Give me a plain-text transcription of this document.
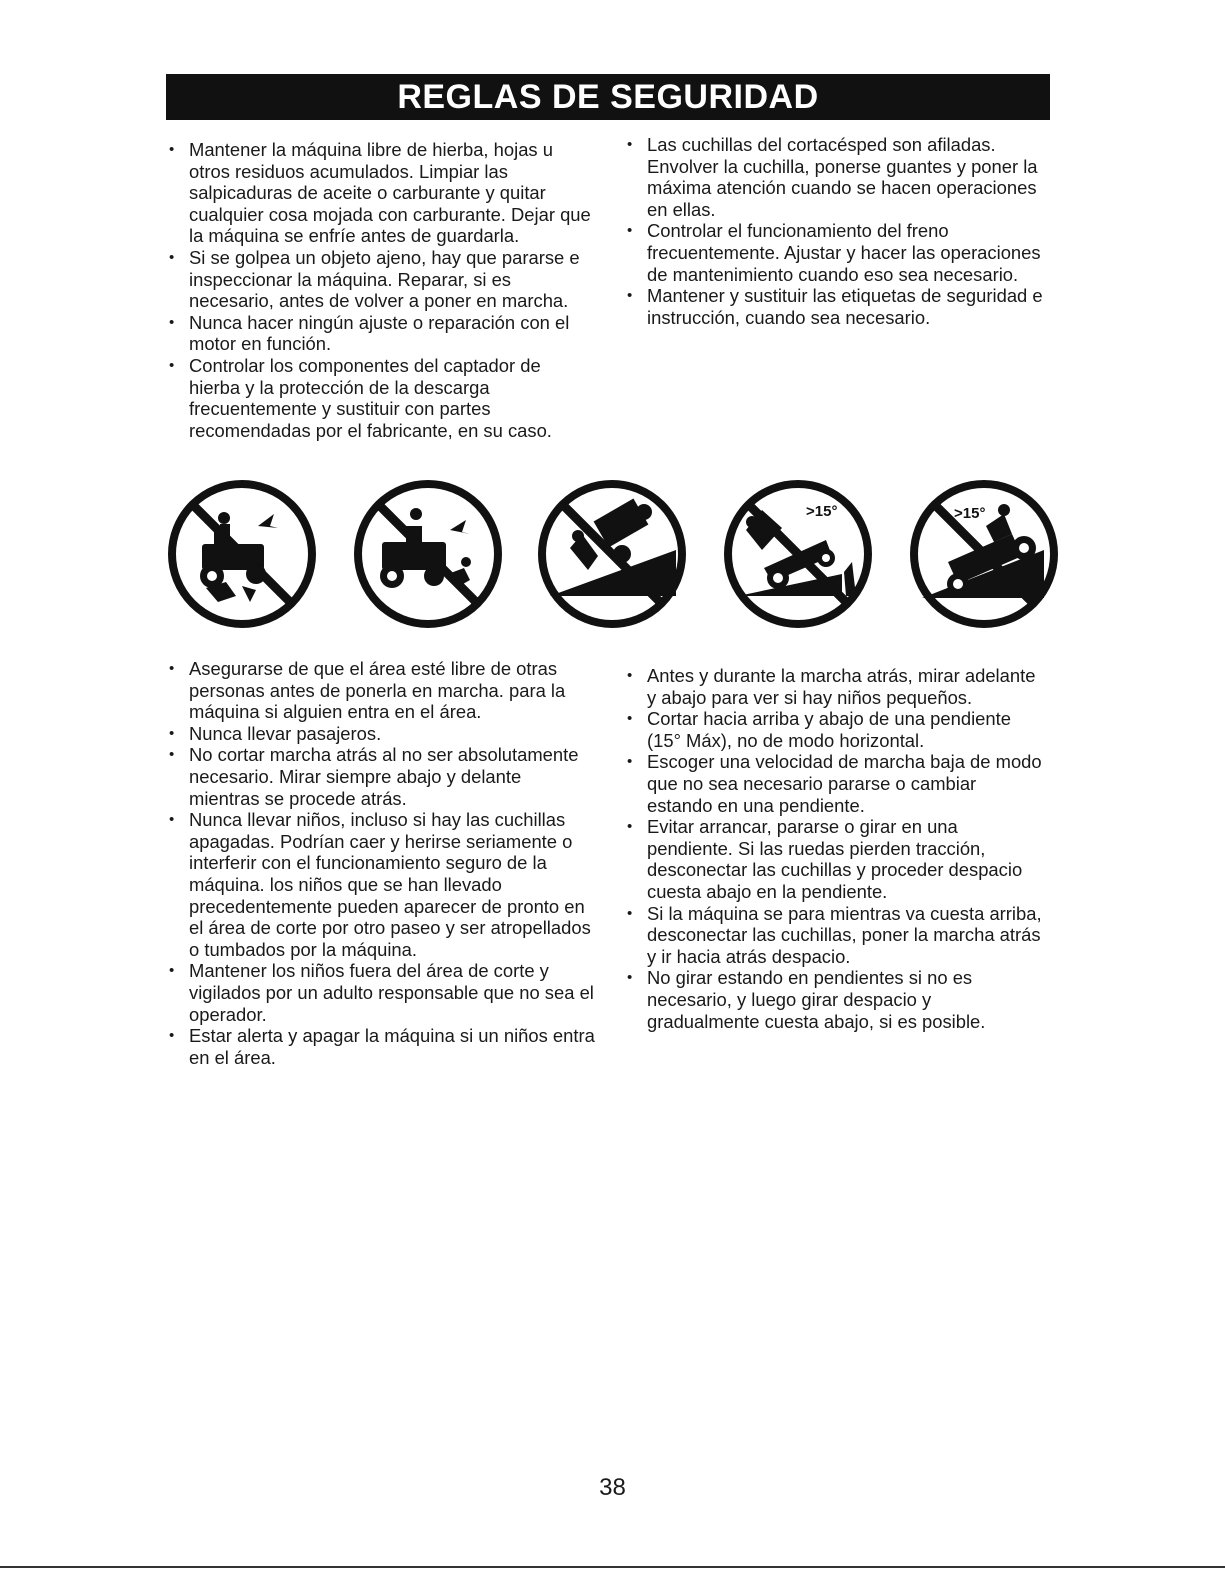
REGLAS DE SEGURIDAD
• Mantener la máquina libre de hierba, hojas u otros residuos acumulados. Limpiar las salpicaduras de aceite o carburante y quitar cualquier cosa mojada con carburante. Dejar que la máquina se enfríe antes de guardarla.
• Si se golpea un objeto ajeno, hay que pararse e inspeccionar la máquina. Reparar, si es necesario, antes de volver a poner en marcha.
• Nunca hacer ningún ajuste o reparación con el motor en función.
• Controlar los componentes del captador de hierba y la protección de la descarga frecuentemente y sustituir con partes recomendadas por el fabricante, en su caso.
• Las cuchillas del cortacésped son afiladas. Envolver la cuchilla, ponerse guantes y poner la máxima atención cuando se hacen operaciones en ellas.
• Controlar el funcionamiento del freno frecuentemente. Ajustar y hacer las operaciones de mantenimiento cuando eso sea necesario.
• Mantener y sustituir las etiquetas de seguridad e instrucción, cuando sea necesario.
>15°	>15°
• Asegurarse de que el área esté libre de otras personas antes de ponerla en marcha. para la máquina si alguien entra en el área.
• Nunca llevar pasajeros.
• No cortar marcha atrás al no ser absolutamente necesario. Mirar siempre abajo y delante mientras se procede atrás.
• Nunca llevar niños, incluso si hay las cuchillas apagadas. Podrían caer y herirse seriamente o interferir con el funcionamiento seguro de la máquina. los niños que se han llevado precedentemente pueden aparecer de pronto en el área de corte por otro paseo y ser atropellados o tumbados por la máquina.
• Mantener los niños fuera del área de corte y vigilados por un adulto responsable que no sea el operador.
• Estar alerta y apagar la máquina si un niños entra en el área.
• Antes y durante la marcha atrás, mirar adelante y abajo para ver si hay niños pequeños.
• Cortar hacia arriba y abajo de una pendiente (15° Máx), no de modo horizontal.
• Escoger una velocidad de marcha baja de modo que no sea necesario pararse o cambiar estando en una pendiente.
• Evitar arrancar, pararse o girar en una pendiente. Si las ruedas pierden tracción, desconectar las cuchillas y proceder despacio cuesta abajo en la pendiente.
• Si la máquina se para mientras va cuesta arriba, desconectar las cuchillas, poner la marcha atrás y ir hacia atrás despacio.
• No girar estando en pendientes si no es necesario, y luego girar despacio y gradualmente cuesta abajo, si es posible.
38
